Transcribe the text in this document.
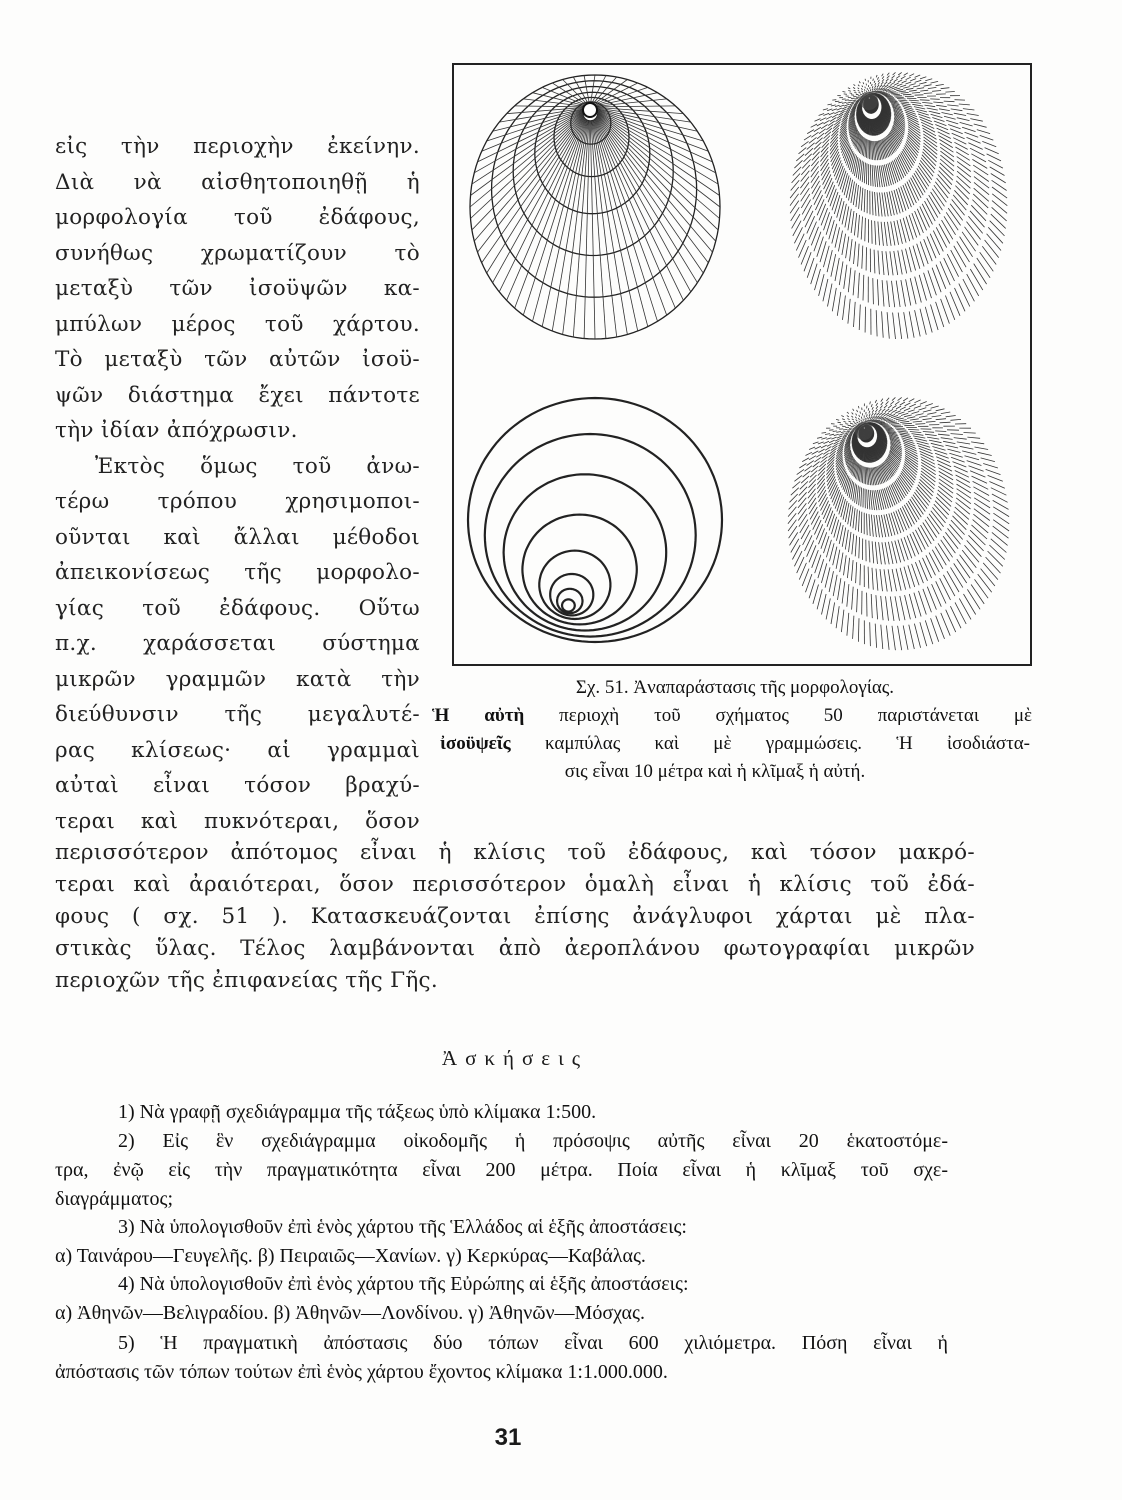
εἰς τὴν περιοχὴν ἐκείνην.
Διὰ νὰ αἰσθητοποιηθῇ ἡ
μορφολογία τοῦ ἐδάφους,
συνήθως χρωματίζουν τὸ
μεταξὺ τῶν ἰσοϋψῶν κα-
μπύλων μέρος τοῦ χάρτου.
Τὸ μεταξὺ τῶν αὐτῶν ἰσοϋ-
ψῶν διάστημα ἔχει πάντοτε
τὴν ἰδίαν ἀπόχρωσιν.
Ἐκτὸς ὅμως τοῦ ἀνω-
τέρω τρόπου χρησιμοποι-
οῦνται καὶ ἄλλαι μέθοδοι
ἀπεικονίσεως τῆς μορφολο-
γίας τοῦ ἐδάφους. Οὕτω
π.χ. χαράσσεται σύστημα
μικρῶν γραμμῶν κατὰ τὴν
διεύθυνσιν τῆς μεγαλυτέ-
ρας κλίσεως· αἱ γραμμαὶ
αὐταὶ εἶναι τόσον βραχύ-
τεραι καὶ πυκνότεραι, ὅσον
Σχ. 51. Ἀναπαράστασις τῆς μορφολογίας.
Ἡ αὐτὴ περιοχὴ τοῦ σχήματος 50 παριστάνεται μὲ
ἰσοϋψεῖς καμπύλας καὶ μὲ γραμμώσεις. Ἡ ἰσοδιάστα-
σις εἶναι 10 μέτρα καὶ ἡ κλῖμαξ ἡ αὐτή.
περισσότερον ἀπότομος εἶναι ἡ κλίσις τοῦ ἐδάφους, καὶ τόσον μακρό-
τεραι καὶ ἀραιότεραι, ὅσον περισσότερον ὁμαλὴ εἶναι ἡ κλίσις τοῦ ἐδά-
φους ( σχ. 51 ). Κατασκευάζονται ἐπίσης ἀνάγλυφοι χάρται μὲ πλα-
στικὰς ὕλας. Τέλος λαμβάνονται ἀπὸ ἀεροπλάνου φωτογραφίαι μικρῶν
περιοχῶν τῆς ἐπιφανείας τῆς Γῆς.
Ἀσκήσεις
1) Νὰ γραφῇ σχεδιάγραμμα τῆς τάξεως ὑπὸ κλίμακα 1:500.
2) Εἰς ἓν σχεδιάγραμμα οἰκοδομῆς ἡ πρόσοψις αὐτῆς εἶναι 20 ἑκατοστόμε-
τρα, ἐνῷ εἰς τὴν πραγματικότητα εἶναι 200 μέτρα. Ποία εἶναι ἡ κλῖμαξ τοῦ σχε-
διαγράμματος;
3) Νὰ ὑπολογισθοῦν ἐπὶ ἑνὸς χάρτου τῆς Ἑλλάδος αἱ ἑξῆς ἀποστάσεις:
α) Ταινάρου—Γευγελῆς. β) Πειραιῶς—Χανίων. γ) Κερκύρας—Καβάλας.
4) Νὰ ὑπολογισθοῦν ἐπὶ ἑνὸς χάρτου τῆς Εὐρώπης αἱ ἑξῆς ἀποστάσεις:
α) Ἀθηνῶν—Βελιγραδίου. β) Ἀθηνῶν—Λονδίνου. γ) Ἀθηνῶν—Μόσχας.
5) Ἡ πραγματικὴ ἀπόστασις δύο τόπων εἶναι 600 χιλιόμετρα. Πόση εἶναι ἡ
ἀπόστασις τῶν τόπων τούτων ἐπὶ ἑνὸς χάρτου ἔχοντος κλίμακα 1:1.000.000.
31
